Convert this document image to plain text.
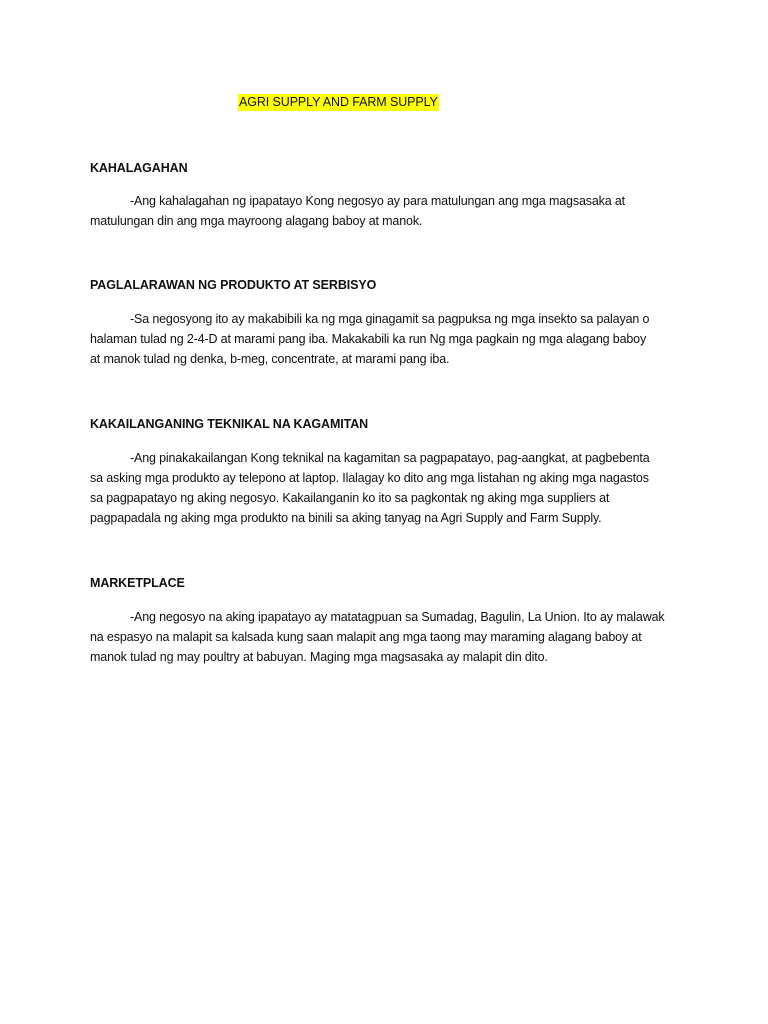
AGRI SUPPLY AND FARM SUPPLY
KAHALAGAHAN

-Ang kahalagahan ng ipapatayo Kong negosyo ay para matulungan ang mga magsasaka at
matulungan din ang mga mayroong alagang baboy at manok.

PAGLALARAWAN NG PRODUKTO AT SERBISYO

-Sa negosyong ito ay makabibili ka ng mga ginagamit sa pagpuksa ng mga insekto sa palayan o
halaman tulad ng 2-4-D at marami pang iba. Makakabili ka run Ng mga pagkain ng mga alagang baboy
at manok tulad ng denka, b-meg, concentrate, at marami pang iba.

KAKAILANGANING TEKNIKAL NA KAGAMITAN

-Ang pinakakailangan Kong teknikal na kagamitan sa pagpapatayo, pag-aangkat, at pagbebenta
sa asking mga produkto ay telepono at laptop. Ilalagay ko dito ang mga listahan ng aking mga nagastos
sa pagpapatayo ng aking negosyo. Kakailanganin ko ito sa pagkontak ng aking mga suppliers at
pagpapadala ng aking mga produkto na binili sa aking tanyag na Agri Supply and Farm Supply.

MARKETPLACE

-Ang negosyo na aking ipapatayo ay matatagpuan sa Sumadag, Bagulin, La Union. Ito ay malawak
na espasyo na malapit sa kalsada kung saan malapit ang mga taong may maraming alagang baboy at
manok tulad ng may poultry at babuyan. Maging mga magsasaka ay malapit din dito.
